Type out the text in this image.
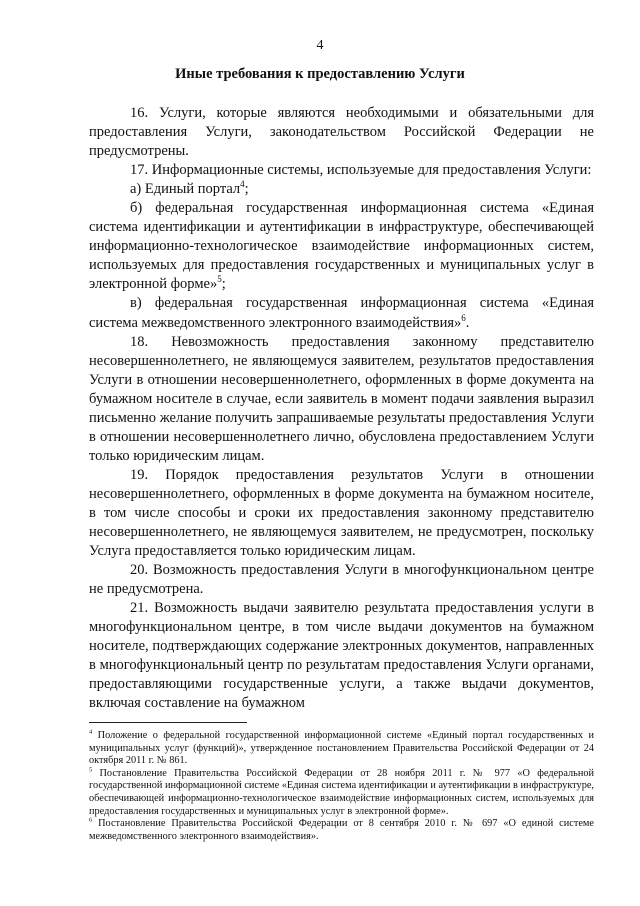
4
Иные требования к предоставлению Услуги

16. Услуги, которые являются необходимыми и обязательными для предоставления Услуги, законодательством Российской Федерации не предусмотрены.

17. Информационные системы, используемые для предоставления Услуги:

а) Единый портал$^4$;

б) федеральная государственная информационная система «Единая система идентификации и аутентификации в инфраструктуре, обеспечивающей информационно-технологическое взаимодействие информационных систем, используемых для предоставления государственных и муниципальных услуг в электронной форме»$^5$;

в) федеральная государственная информационная система «Единая система межведомственного электронного взаимодействия»$^6$.

18. Невозможность предоставления законному представителю несовершеннолетнего, не являющемуся заявителем, результатов предоставления Услуги в отношении несовершеннолетнего, оформленных в форме документа на бумажном носителе в случае, если заявитель в момент подачи заявления выразил письменно желание получить запрашиваемые результаты предоставления Услуги в отношении несовершеннолетнего лично, обусловлена предоставлением Услуги только юридическим лицам.

19. Порядок предоставления результатов Услуги в отношении несовершеннолетнего, оформленных в форме документа на бумажном носителе, в том числе способы и сроки их предоставления законному представителю несовершеннолетнего, не являющемуся заявителем, не предусмотрен, поскольку Услуга предоставляется только юридическим лицам.

20. Возможность предоставления Услуги в многофункциональном центре не предусмотрена.

21. Возможность выдачи заявителю результата предоставления услуги в многофункциональном центре, в том числе выдачи документов на бумажном носителе, подтверждающих содержание электронных документов, направленных в многофункциональный центр по результатам предоставления Услуги органами, предоставляющими государственные услуги, а также выдачи документов, включая составление на бумажном

$^4$ Положение о федеральной государственной информационной системе «Единый портал государственных и муниципальных услуг (функций)», утвержденное постановлением Правительства Российской Федерации от 24 октября 2011 г. № 861.

$^5$ Постановление Правительства Российской Федерации от 28 ноября 2011 г. № 977 «О федеральной государственной информационной системе «Единая система идентификации и аутентификации в инфраструктуре, обеспечивающей информационно-технологическое взаимодействие информационных систем, используемых для предоставления государственных и муниципальных услуг в электронной форме».

$^6$ Постановление Правительства Российской Федерации от 8 сентября 2010 г. № 697 «О единой системе межведомственного электронного взаимодействия».
